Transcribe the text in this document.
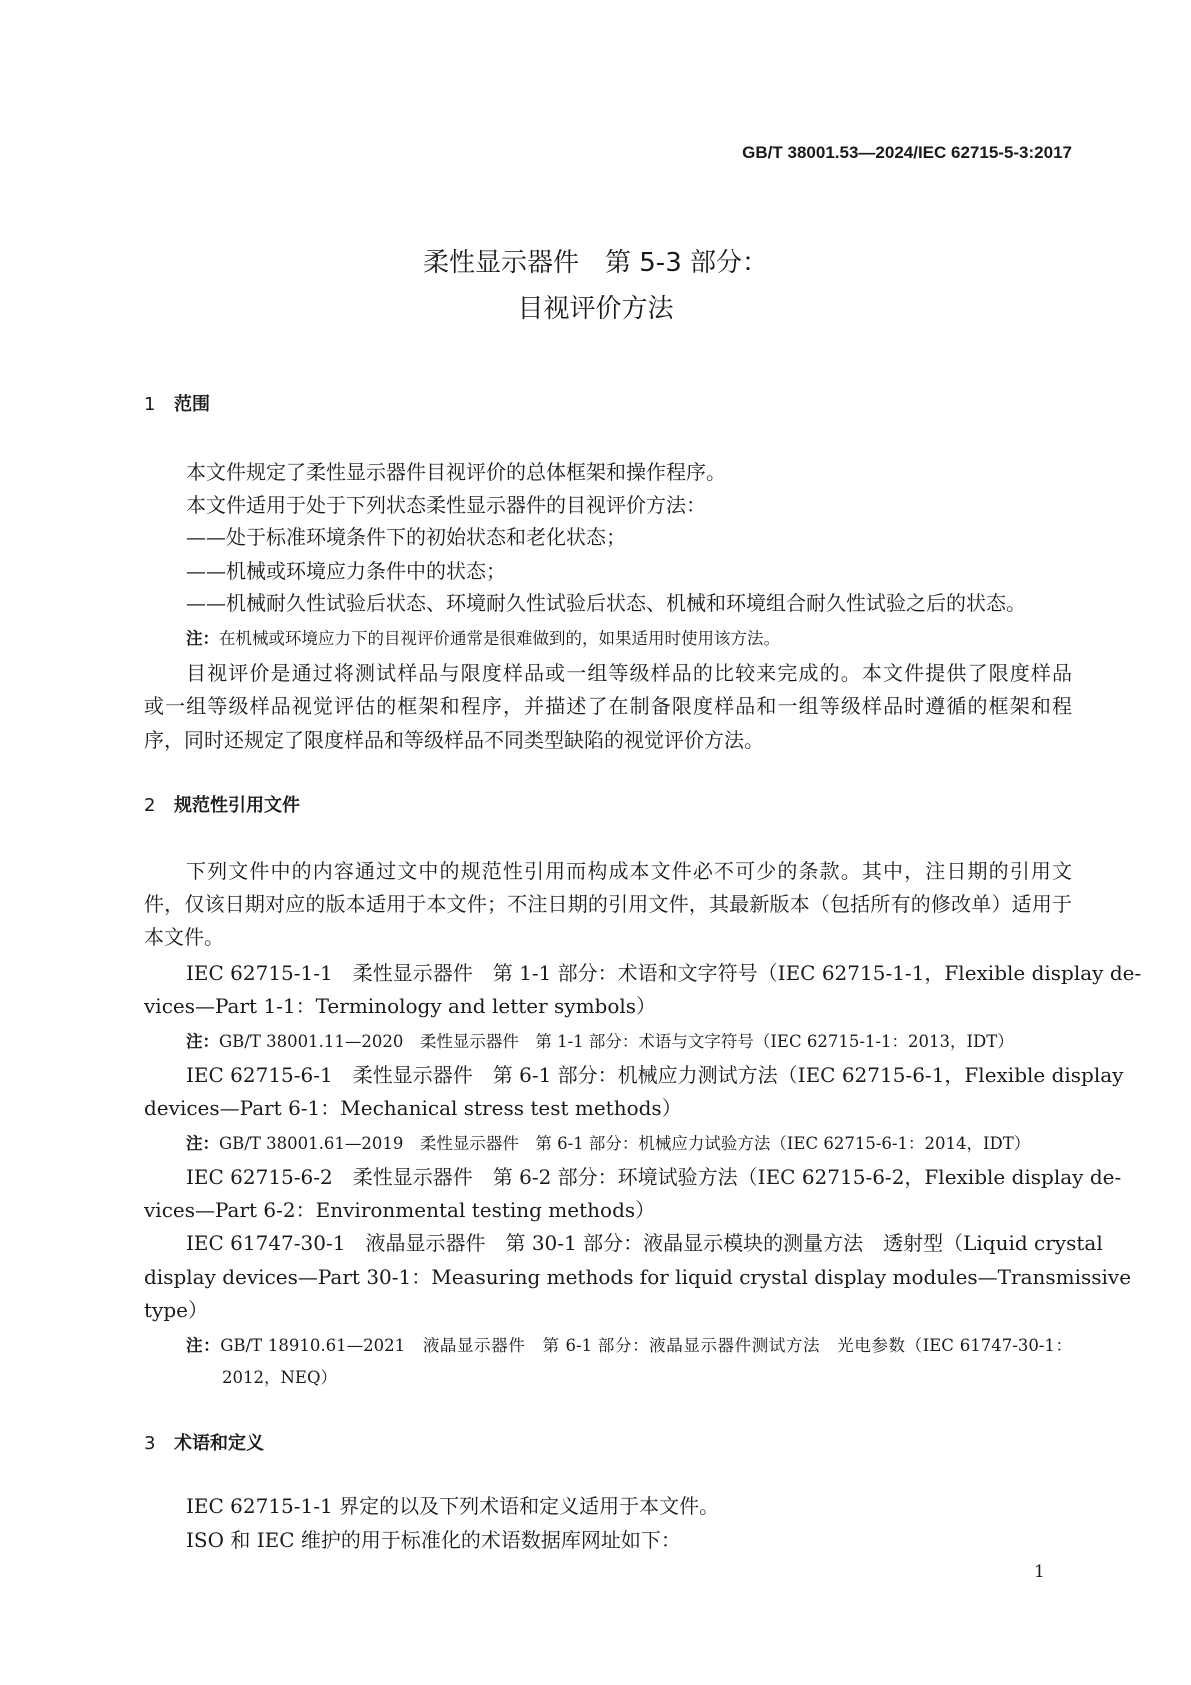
GB/T 38001.53—2024/IEC 62715-5-3:2017
柔性显示器件　第 5-3 部分：
目视评价方法
1 范围
本文件规定了柔性显示器件目视评价的总体框架和操作程序。
本文件适用于处于下列状态柔性显示器件的目视评价方法：
——处于标准环境条件下的初始状态和老化状态；
——机械或环境应力条件中的状态；
——机械耐久性试验后状态、环境耐久性试验后状态、机械和环境组合耐久性试验之后的状态。
注：在机械或环境应力下的目视评价通常是很难做到的，如果适用时使用该方法。
目视评价是通过将测试样品与限度样品或一组等级样品的比较来完成的。本文件提供了限度样品
或一组等级样品视觉评估的框架和程序，并描述了在制备限度样品和一组等级样品时遵循的框架和程
序，同时还规定了限度样品和等级样品不同类型缺陷的视觉评价方法。
2 规范性引用文件
下列文件中的内容通过文中的规范性引用而构成本文件必不可少的条款。其中，注日期的引用文
件，仅该日期对应的版本适用于本文件；不注日期的引用文件，其最新版本（包括所有的修改单）适用于
本文件。
IEC 62715-1-1　柔性显示器件　第 1-1 部分：术语和文字符号（IEC 62715-1-1，Flexible display de-
vices—Part 1-1：Terminology and letter symbols）
注：GB/T 38001.11—2020　柔性显示器件　第 1-1 部分：术语与文字符号（IEC 62715-1-1：2013，IDT）
IEC 62715-6-1　柔性显示器件　第 6-1 部分：机械应力测试方法（IEC 62715-6-1，Flexible display
devices—Part 6-1：Mechanical stress test methods）
注：GB/T 38001.61—2019　柔性显示器件　第 6-1 部分：机械应力试验方法（IEC 62715-6-1：2014，IDT）
IEC 62715-6-2　柔性显示器件　第 6-2 部分：环境试验方法（IEC 62715-6-2，Flexible display de-
vices—Part 6-2：Environmental testing methods）
IEC 61747-30-1　液晶显示器件　第 30-1 部分：液晶显示模块的测量方法　透射型（Liquid crystal
display devices—Part 30-1：Measuring methods for liquid crystal display modules—Transmissive
type）
注：GB/T 18910.61—2021　液晶显示器件　第 6-1 部分：液晶显示器件测试方法　光电参数（IEC 61747-30-1：
2012，NEQ）
3 术语和定义
IEC 62715-1-1 界定的以及下列术语和定义适用于本文件。
ISO 和 IEC 维护的用于标准化的术语数据库网址如下：
1
